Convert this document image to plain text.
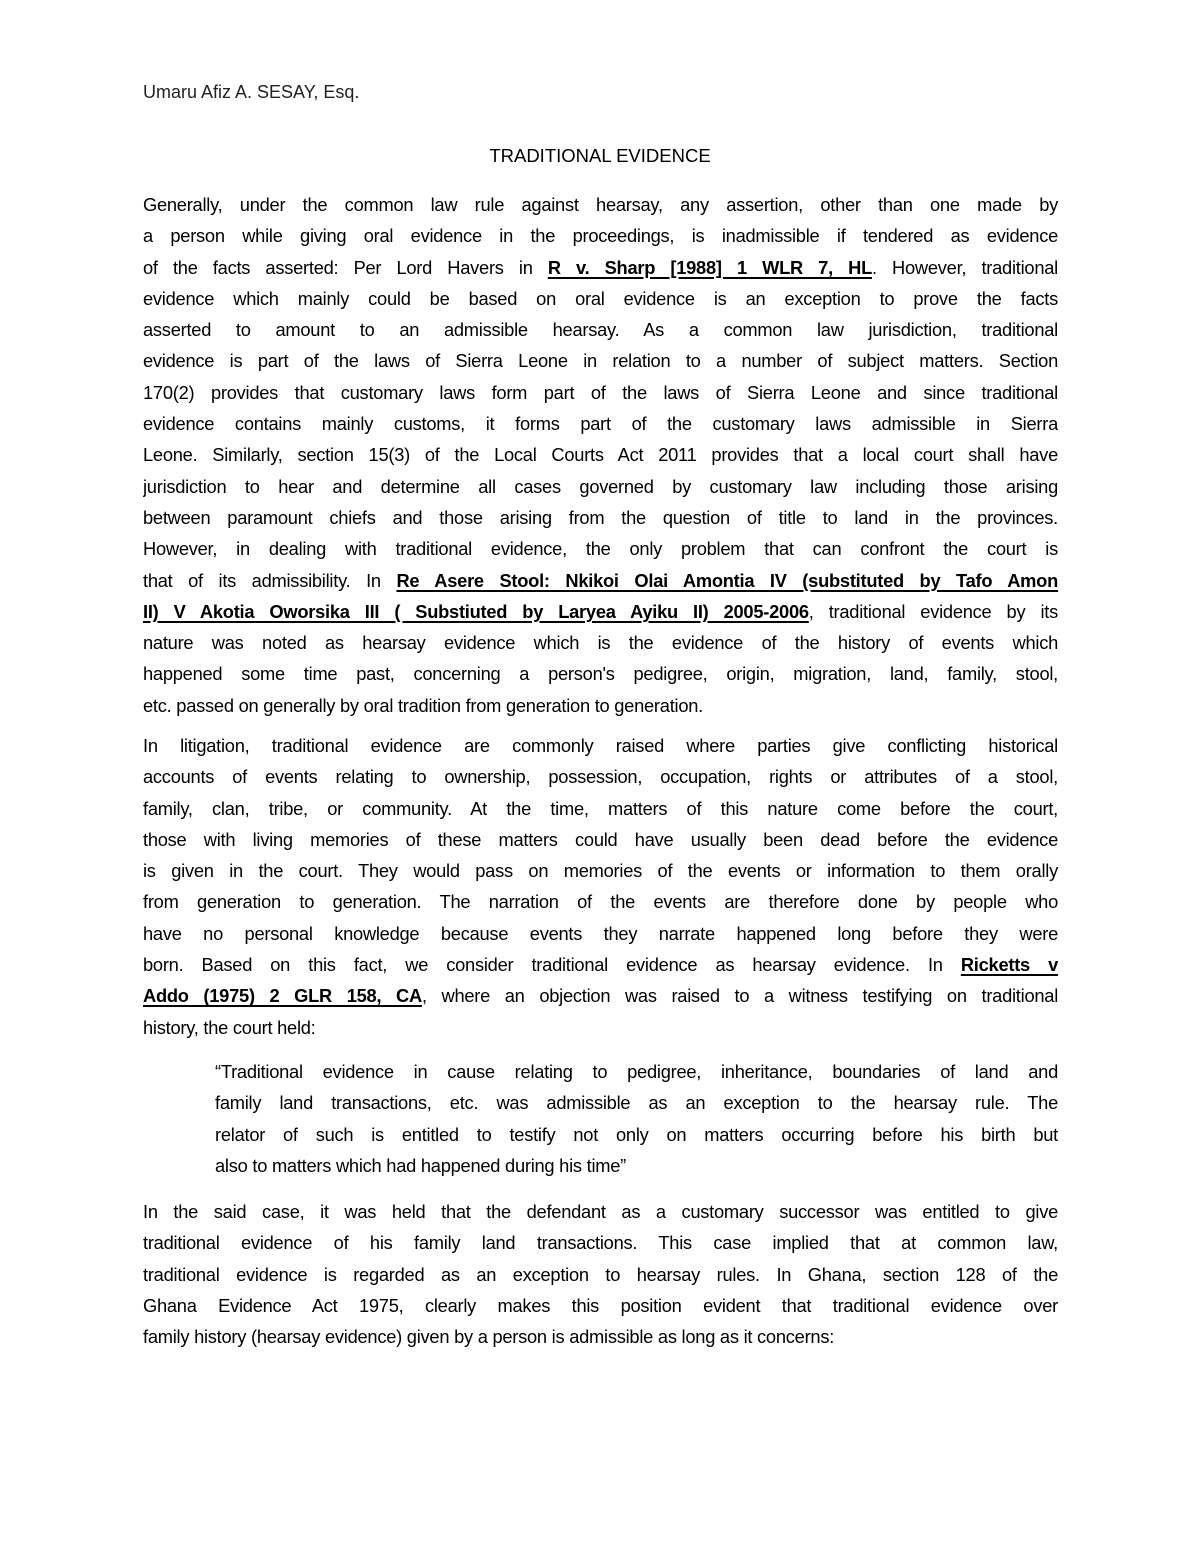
Umaru Afiz A. SESAY, Esq.
TRADITIONAL EVIDENCE
Generally, under the common law rule against hearsay, any assertion, other than one made by
a person while giving oral evidence in the proceedings, is inadmissible if tendered as evidence
of the facts asserted: Per Lord Havers in R v. Sharp [1988] 1 WLR 7, HL. However, traditional
evidence which mainly could be based on oral evidence is an exception to prove the facts
asserted to amount to an admissible hearsay. As a common law jurisdiction, traditional
evidence is part of the laws of Sierra Leone in relation to a number of subject matters. Section
170(2) provides that customary laws form part of the laws of Sierra Leone and since traditional
evidence contains mainly customs, it forms part of the customary laws admissible in Sierra
Leone. Similarly, section 15(3) of the Local Courts Act 2011 provides that a local court shall have
jurisdiction to hear and determine all cases governed by customary law including those arising
between paramount chiefs and those arising from the question of title to land in the provinces.
However, in dealing with traditional evidence, the only problem that can confront the court is
that of its admissibility. In Re Asere Stool: Nkikoi Olai Amontia IV (substituted by Tafo Amon
II) V Akotia Oworsika III ( Substiuted by Laryea Ayiku II) 2005-2006, traditional evidence by its
nature was noted as hearsay evidence which is the evidence of the history of events which
happened some time past, concerning a person's pedigree, origin, migration, land, family, stool,
etc. passed on generally by oral tradition from generation to generation.
In litigation, traditional evidence are commonly raised where parties give conflicting historical
accounts of events relating to ownership, possession, occupation, rights or attributes of a stool,
family, clan, tribe, or community. At the time, matters of this nature come before the court,
those with living memories of these matters could have usually been dead before the evidence
is given in the court. They would pass on memories of the events or information to them orally
from generation to generation. The narration of the events are therefore done by people who
have no personal knowledge because events they narrate happened long before they were
born. Based on this fact, we consider traditional evidence as hearsay evidence. In Ricketts v
Addo (1975) 2 GLR 158, CA, where an objection was raised to a witness testifying on traditional
history, the court held:
“Traditional evidence in cause relating to pedigree, inheritance, boundaries of land and
family land transactions, etc. was admissible as an exception to the hearsay rule. The
relator of such is entitled to testify not only on matters occurring before his birth but
also to matters which had happened during his time”
In the said case, it was held that the defendant as a customary successor was entitled to give
traditional evidence of his family land transactions. This case implied that at common law,
traditional evidence is regarded as an exception to hearsay rules. In Ghana, section 128 of the
Ghana Evidence Act 1975, clearly makes this position evident that traditional evidence over
family history (hearsay evidence) given by a person is admissible as long as it concerns:
